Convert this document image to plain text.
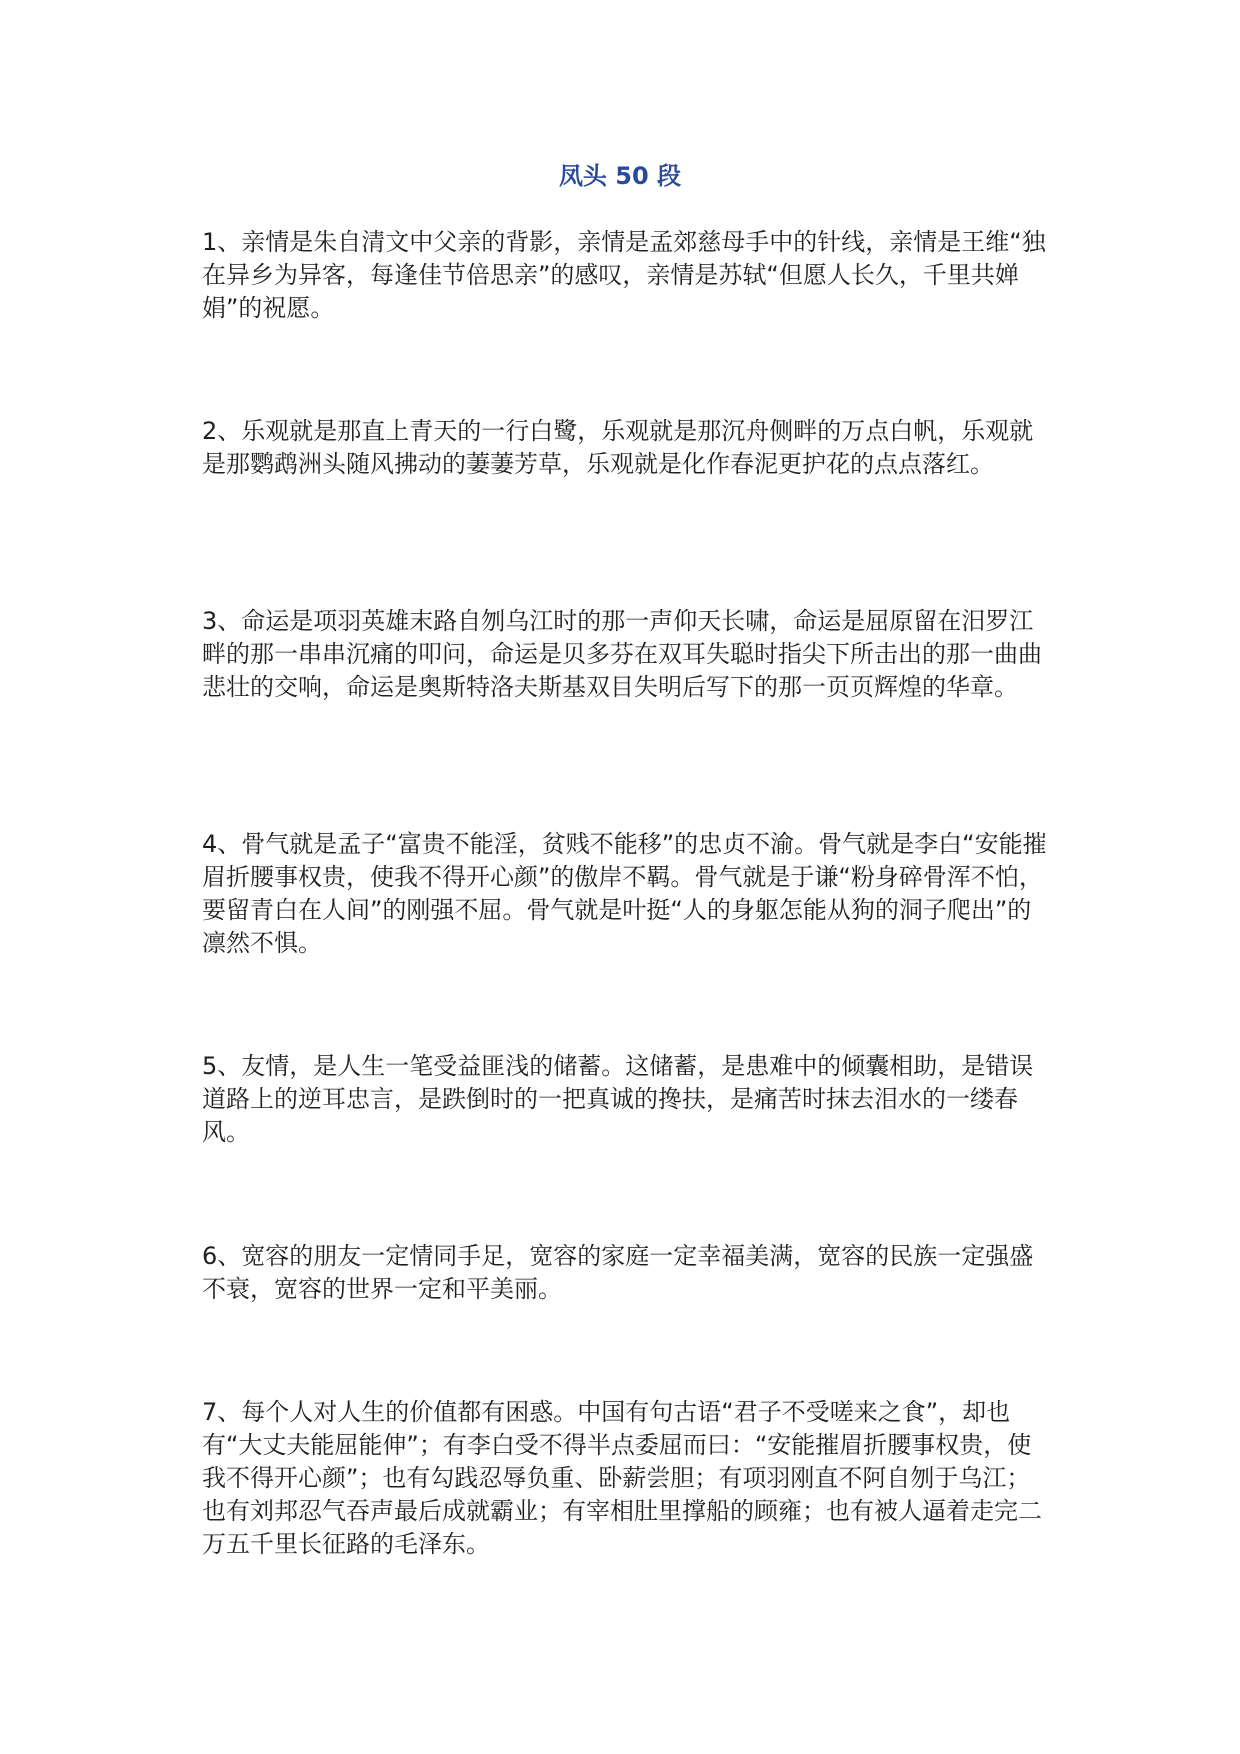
凤头 50 段

1、亲情是朱自清文中父亲的背影，亲情是孟郊慈母手中的针线，亲情是王维“独在异乡为异客，每逢佳节倍思亲”的感叹，亲情是苏轼“但愿人长久，千里共婵娟”的祝愿。

2、乐观就是那直上青天的一行白鹭，乐观就是那沉舟侧畔的万点白帆，乐观就是那鹦鹉洲头随风拂动的萋萋芳草，乐观就是化作春泥更护花的点点落红。

3、命运是项羽英雄末路自刎乌江时的那一声仰天长啸，命运是屈原留在汨罗江畔的那一串串沉痛的叩问，命运是贝多芬在双耳失聪时指尖下所击出的那一曲曲悲壮的交响，命运是奥斯特洛夫斯基双目失明后写下的那一页页辉煌的华章。

4、骨气就是孟子“富贵不能淫，贫贱不能移”的忠贞不渝。骨气就是李白“安能摧眉折腰事权贵，使我不得开心颜”的傲岸不羁。骨气就是于谦“粉身碎骨浑不怕，要留青白在人间”的刚强不屈。骨气就是叶挺“人的身躯怎能从狗的洞子爬出”的凛然不惧。

5、友情，是人生一笔受益匪浅的储蓄。这储蓄，是患难中的倾囊相助，是错误道路上的逆耳忠言，是跌倒时的一把真诚的搀扶，是痛苦时抹去泪水的一缕春风。

6、宽容的朋友一定情同手足，宽容的家庭一定幸福美满，宽容的民族一定强盛不衰，宽容的世界一定和平美丽。

7、每个人对人生的价值都有困惑。中国有句古语“君子不受嗟来之食”，却也有“大丈夫能屈能伸”；有李白受不得半点委屈而曰：“安能摧眉折腰事权贵，使我不得开心颜”；也有勾践忍辱负重、卧薪尝胆；有项羽刚直不阿自刎于乌江；也有刘邦忍气吞声最后成就霸业；有宰相肚里撑船的顾雍；也有被人逼着走完二万五千里长征路的毛泽东。
